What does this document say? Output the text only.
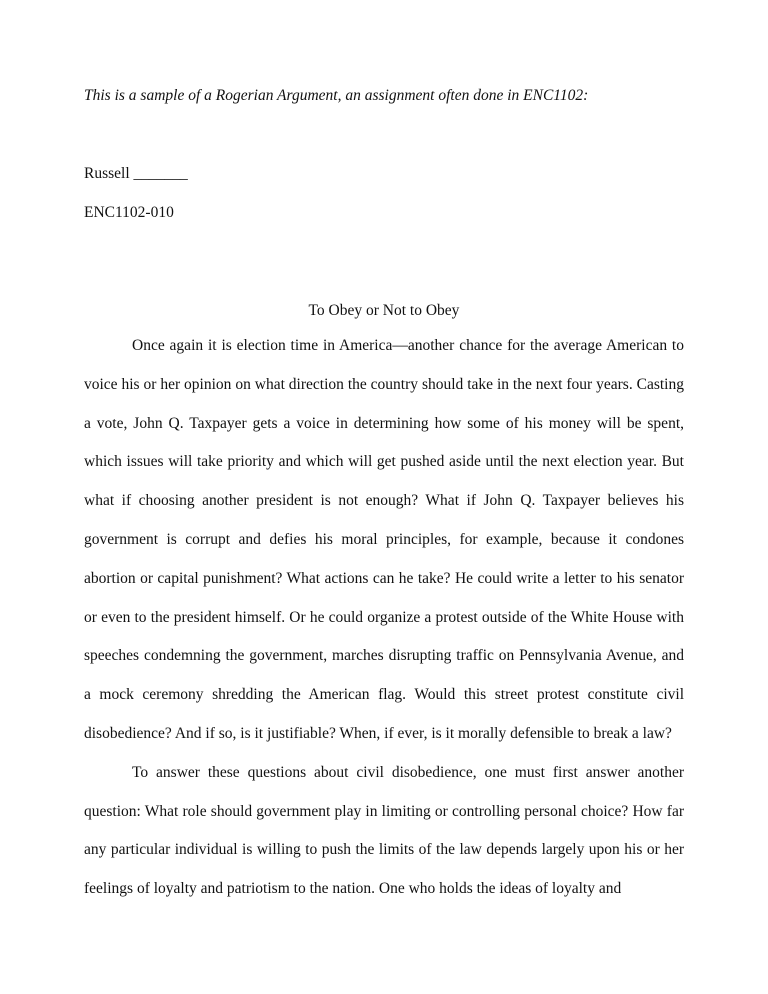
This is a sample of a Rogerian Argument, an assignment often done in ENC1102:
Russell _______
ENC1102-010
To Obey or Not to Obey

Once again it is election time in America—another chance for the average American to voice his or her opinion on what direction the country should take in the next four years. Casting a vote, John Q. Taxpayer gets a voice in determining how some of his money will be spent, which issues will take priority and which will get pushed aside until the next election year. But what if choosing another president is not enough? What if John Q. Taxpayer believes his government is corrupt and defies his moral principles, for example, because it condones abortion or capital punishment? What actions can he take? He could write a letter to his senator or even to the president himself. Or he could organize a protest outside of the White House with speeches condemning the government, marches disrupting traffic on Pennsylvania Avenue, and a mock ceremony shredding the American flag. Would this street protest constitute civil disobedience? And if so, is it justifiable? When, if ever, is it morally defensible to break a law?

To answer these questions about civil disobedience, one must first answer another question: What role should government play in limiting or controlling personal choice? How far any particular individual is willing to push the limits of the law depends largely upon his or her feelings of loyalty and patriotism to the nation. One who holds the ideas of loyalty and
